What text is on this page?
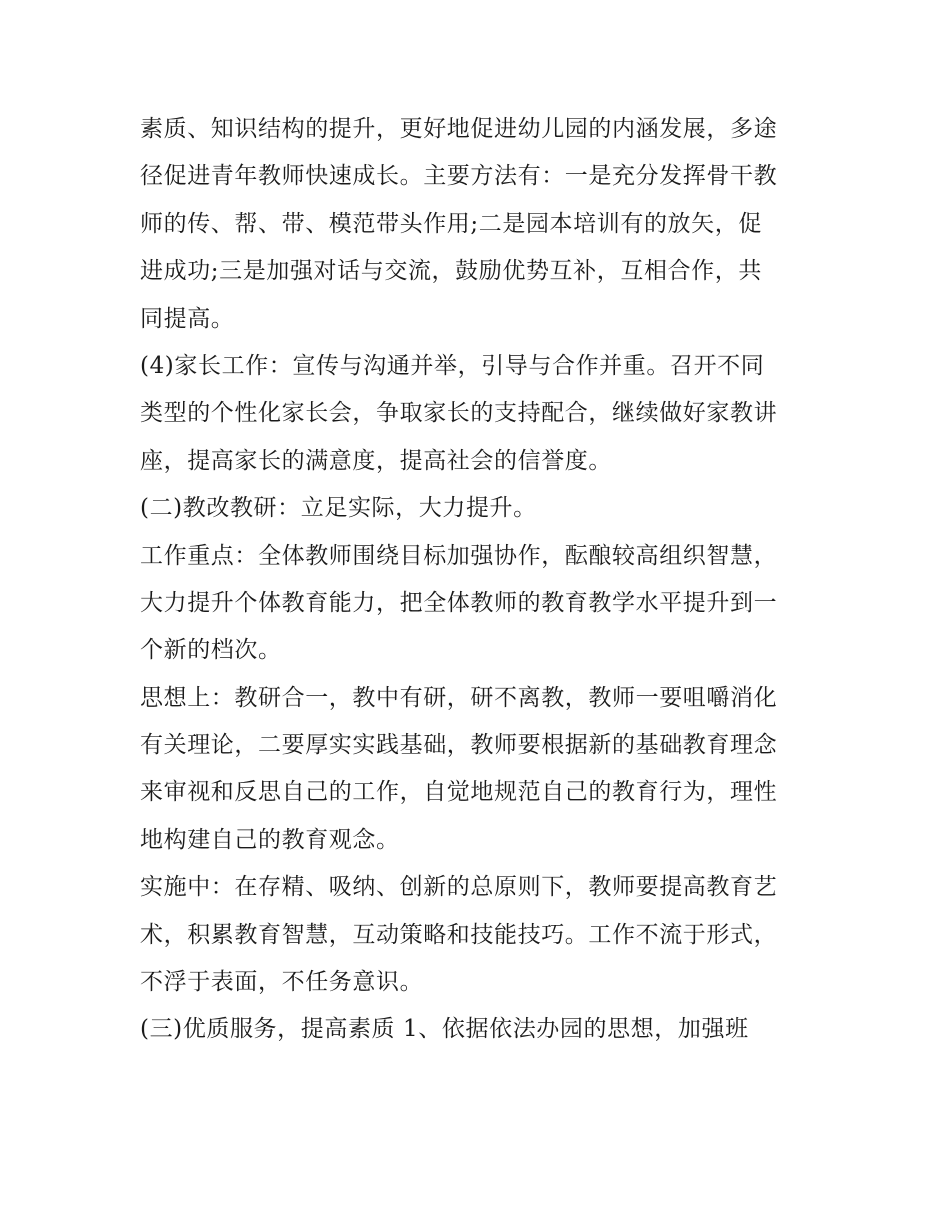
素质、知识结构的提升，更好地促进幼儿园的内涵发展，多途
径促进青年教师快速成长。主要方法有：一是充分发挥骨干教
师的传、帮、带、模范带头作用;二是园本培训有的放矢，促
进成功;三是加强对话与交流，鼓励优势互补，互相合作，共
同提高。

(4)家长工作：宣传与沟通并举，引导与合作并重。召开不同
类型的个性化家长会，争取家长的支持配合，继续做好家教讲
座，提高家长的满意度，提高社会的信誉度。

(二)教改教研：立足实际，大力提升。

工作重点：全体教师围绕目标加强协作，酝酿较高组织智慧，
大力提升个体教育能力，把全体教师的教育教学水平提升到一
个新的档次。

思想上：教研合一，教中有研，研不离教，教师一要咀嚼消化
有关理论，二要厚实实践基础，教师要根据新的基础教育理念
来审视和反思自己的工作，自觉地规范自己的教育行为，理性
地构建自己的教育观念。

实施中：在存精、吸纳、创新的总原则下，教师要提高教育艺
术，积累教育智慧，互动策略和技能技巧。工作不流于形式，
不浮于表面，不任务意识。

(三)优质服务，提高素质 1、依据依法办园的思想，加强班
